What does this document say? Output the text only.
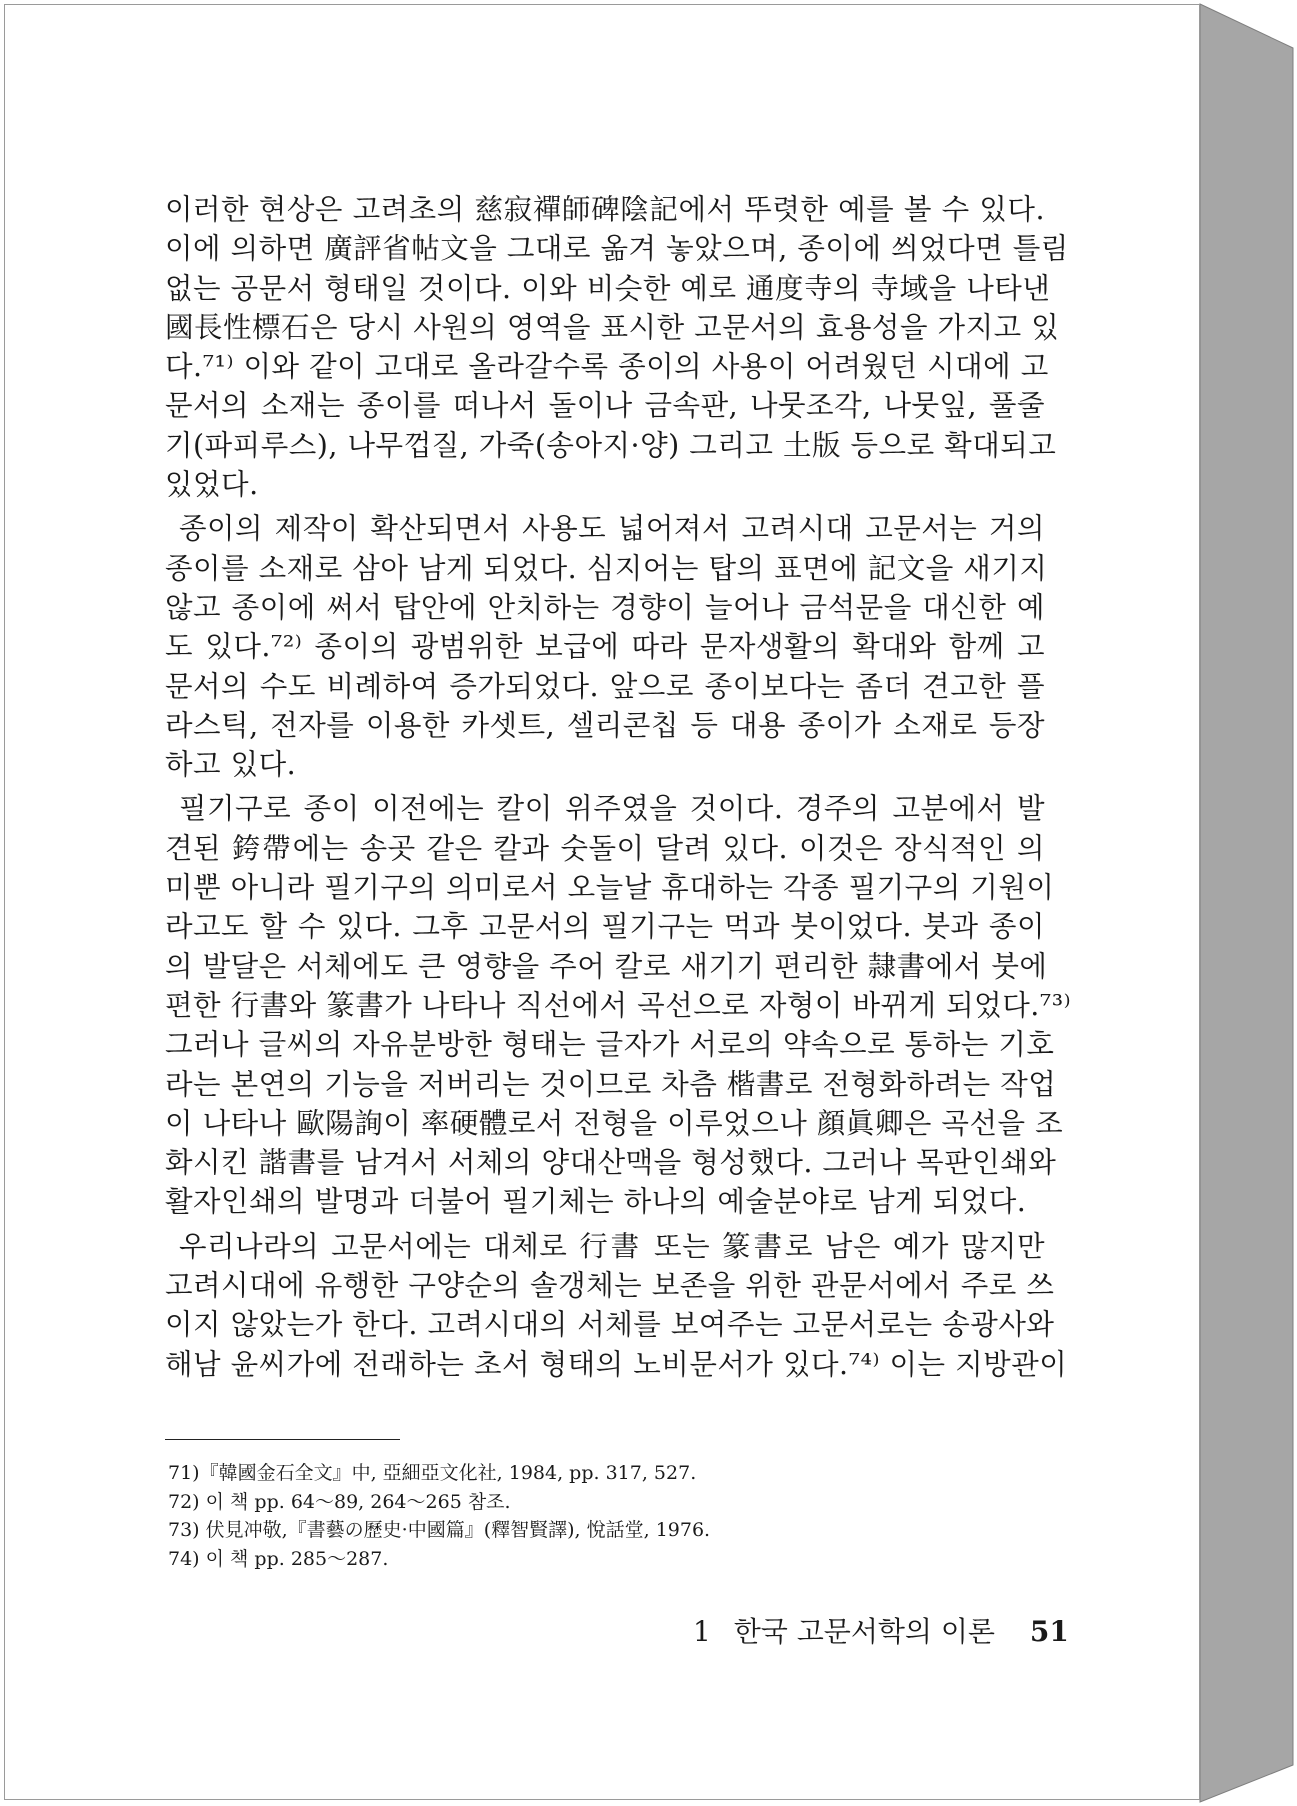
이러한 현상은 고려초의 慈寂禪師碑陰記에서 뚜렷한 예를 볼 수 있다.

이에 의하면 廣評省帖文을 그대로 옮겨 놓았으며, 종이에 씌었다면 틀림

없는 공문서 형태일 것이다. 이와 비슷한 예로 通度寺의 寺域을 나타낸

國長性標石은 당시 사원의 영역을 표시한 고문서의 효용성을 가지고 있

다.⁷¹⁾ 이와 같이 고대로 올라갈수록 종이의 사용이 어려웠던 시대에 고

문서의 소재는 종이를 떠나서 돌이나 금속판, 나뭇조각, 나뭇잎, 풀줄

기(파피루스), 나무껍질, 가죽(송아지·양) 그리고 土版 등으로 확대되고

있었다.

종이의 제작이 확산되면서 사용도 넓어져서 고려시대 고문서는 거의

종이를 소재로 삼아 남게 되었다. 심지어는 탑의 표면에 記文을 새기지

않고 종이에 써서 탑안에 안치하는 경향이 늘어나 금석문을 대신한 예

도 있다.⁷²⁾ 종이의 광범위한 보급에 따라 문자생활의 확대와 함께 고

문서의 수도 비례하여 증가되었다. 앞으로 종이보다는 좀더 견고한 플

라스틱, 전자를 이용한 카셋트, 셀리콘칩 등 대용 종이가 소재로 등장

하고 있다.

필기구로 종이 이전에는 칼이 위주였을 것이다. 경주의 고분에서 발

견된 銙帶에는 송곳 같은 칼과 숫돌이 달려 있다. 이것은 장식적인 의

미뿐 아니라 필기구의 의미로서 오늘날 휴대하는 각종 필기구의 기원이

라고도 할 수 있다. 그후 고문서의 필기구는 먹과 붓이었다. 붓과 종이

의 발달은 서체에도 큰 영향을 주어 칼로 새기기 편리한 隷書에서 붓에

편한 行書와 篆書가 나타나 직선에서 곡선으로 자형이 바뀌게 되었다.⁷³⁾

그러나 글씨의 자유분방한 형태는 글자가 서로의 약속으로 통하는 기호

라는 본연의 기능을 저버리는 것이므로 차츰 楷書로 전형화하려는 작업

이 나타나 歐陽詢이 率硬體로서 전형을 이루었으나 顔眞卿은 곡선을 조

화시킨 諧書를 남겨서 서체의 양대산맥을 형성했다. 그러나 목판인쇄와

활자인쇄의 발명과 더불어 필기체는 하나의 예술분야로 남게 되었다.

우리나라의 고문서에는 대체로 行書 또는 篆書로 남은 예가 많지만

고려시대에 유행한 구양순의 솔갱체는 보존을 위한 관문서에서 주로 쓰

이지 않았는가 한다. 고려시대의 서체를 보여주는 고문서로는 송광사와

해남 윤씨가에 전래하는 초서 형태의 노비문서가 있다.⁷⁴⁾ 이는 지방관이

71)『韓國金石全文』中, 亞細亞文化社, 1984, pp. 317, 527.
72) 이 책 pp. 64～89, 264～265 참조.
73) 伏見冲敬,『書藝の歷史·中國篇』(釋智賢譯), 悅話堂, 1976.
74) 이 책 pp. 285～287.
1 한국 고문서학의 이론 51
